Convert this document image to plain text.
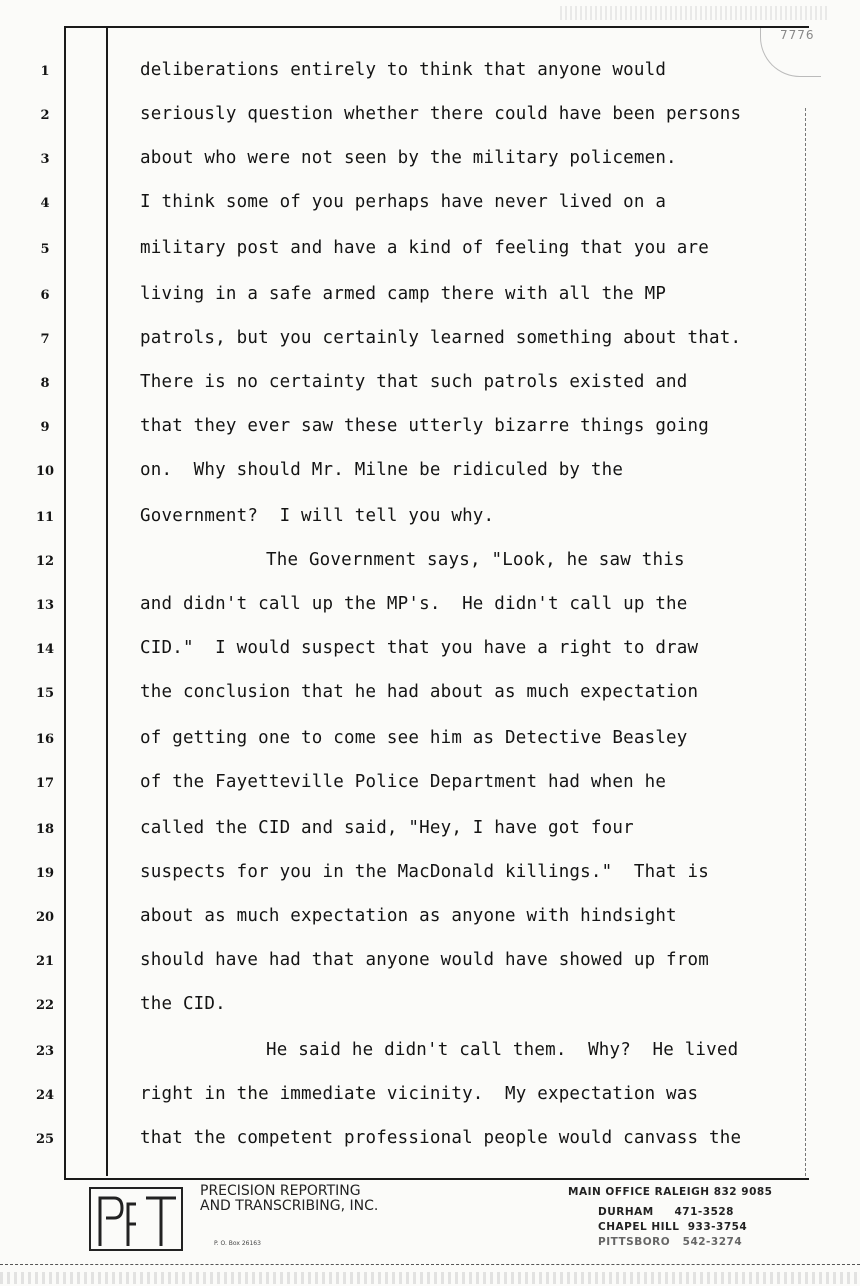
7776
1	deliberations entirely to think that anyone would
2	seriously question whether there could have been persons
3	about who were not seen by the military policemen.
4	I think some of you perhaps have never lived on a
5	military post and have a kind of feeling that you are
6	living in a safe armed camp there with all the MP
7	patrols, but you certainly learned something about that.
8	There is no certainty that such patrols existed and
9	that they ever saw these utterly bizarre things going
10	on.  Why should Mr. Milne be ridiculed by the
11	Government?  I will tell you why.
12	The Government says, "Look, he saw this
13	and didn't call up the MP's.  He didn't call up the
14	CID."  I would suspect that you have a right to draw
15	the conclusion that he had about as much expectation
16	of getting one to come see him as Detective Beasley
17	of the Fayetteville Police Department had when he
18	called the CID and said, "Hey, I have got four
19	suspects for you in the MacDonald killings."  That is
20	about as much expectation as anyone with hindsight
21	should have had that anyone would have showed up from
22	the CID.
23	He said he didn't call them.  Why?  He lived
24	right in the immediate vicinity.  My expectation was
25	that the competent professional people would canvass the
PRECISION REPORTING
AND TRANSCRIBING, INC.
P. O. Box 26163
MAIN OFFICE RALEIGH 832 9085
DURHAM 471-3528
CHAPEL HILL 933-3754
PITTSBORO 542-3274
